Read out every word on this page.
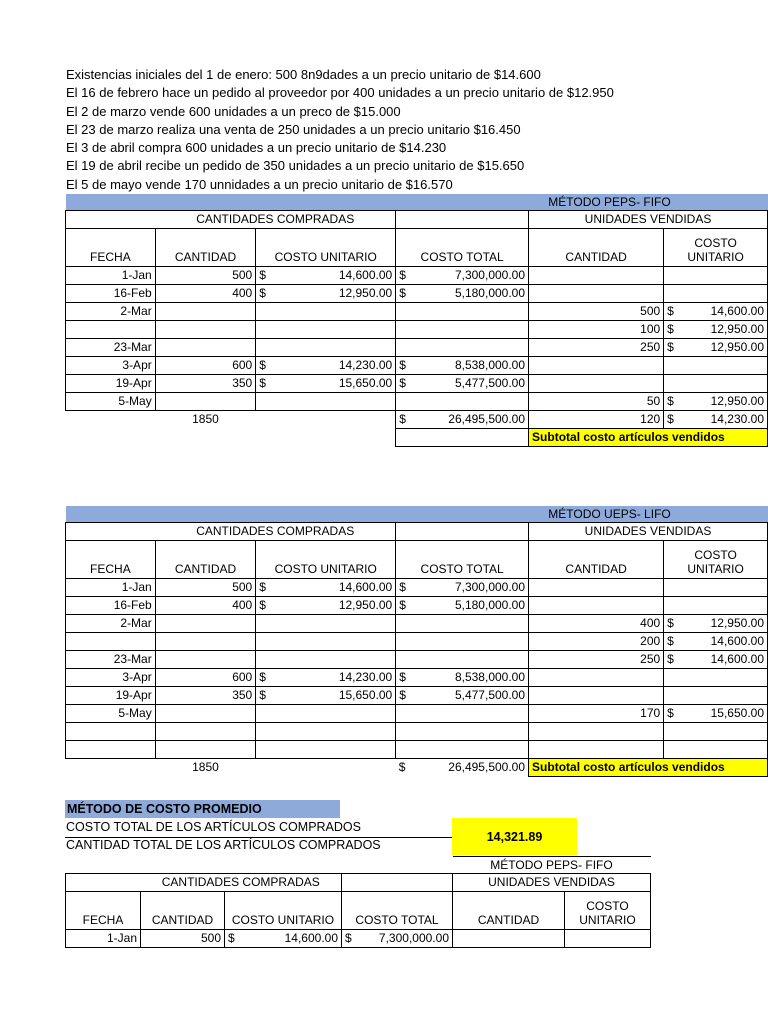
Existencias iniciales del 1 de enero: 500 8n9dades a un precio unitario de $14.600
El 16 de febrero hace un pedido al proveedor por 400 unidades a un precio unitario de $12.950
El 2 de marzo vende 600 unidades a un preco de $15.000
El 23 de marzo realiza una venta de 250 unidades a un precio unitario $16.450
El 3 de abril compra 600 unidades a un precio unitario de $14.230
El 19 de abril recibe un pedido de 350 unidades a un precio unitario de $15.650
El 5 de mayo vende 170 unnidades a un precio unitario de $16.570
MÉTODO PEPS- FIFO					
	CANTIDADES COMPRADAS			UNIDADES VENDIDAS	
FECHA	CANTIDAD	COSTO UNITARIO	COSTO TOTAL	CANTIDAD	COSTO UNITARIO
1-Jan	500	$ 14,600.00	$ 7,300,000.00		

16-Feb	400	$ 12,950.00	$ 5,180,000.00		

2-Mar				500	$ 14,600.00

				100	$ 12,950.00

23-Mar				250	$ 12,950.00

3-Apr	600	$ 14,230.00	$ 8,538,000.00		

19-Apr	350	$ 15,650.00	$ 5,477,500.00		

5-May				50	$ 12,950.00

	1850		$ 26,495,500.00	120	$ 14,230.00

				Subtotal costo artículos vendidos	
MÉTODO UEPS- LIFO					
	CANTIDADES COMPRADAS			UNIDADES VENDIDAS	
FECHA	CANTIDAD	COSTO UNITARIO	COSTO TOTAL	CANTIDAD	COSTO UNITARIO
1-Jan	500	$ 14,600.00	$ 7,300,000.00		

16-Feb	400	$ 12,950.00	$ 5,180,000.00		

2-Mar				400	$ 12,950.00

				200	$ 14,600.00

23-Mar				250	$ 14,600.00

3-Apr	600	$ 14,230.00	$ 8,538,000.00		

19-Apr	350	$ 15,650.00	$ 5,477,500.00		

5-May				170	$ 15,650.00

	1850		$ 26,495,500.00	Subtotal costo artículos vendidos	
MÉTODO DE COSTO PROMEDIO
COSTO TOTAL DE LOS ARTÍCULOS COMPRADOS
CANTIDAD TOTAL DE LOS ARTÍCULOS COMPRADOS
14,321.89
				MÉTODO PEPS- FIFO	
	CANTIDADES COMPRADAS			UNIDADES VENDIDAS	
FECHA	CANTIDAD	COSTO UNITARIO	COSTO TOTAL	CANTIDAD	COSTO UNITARIO
1-Jan	500	$ 14,600.00	$ 7,300,000.00		
